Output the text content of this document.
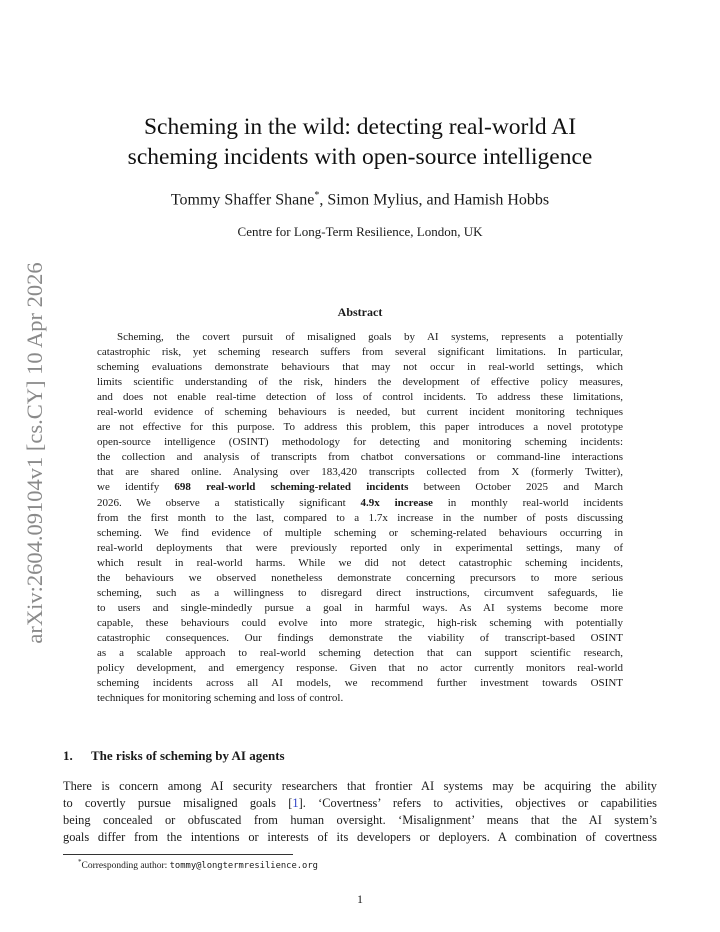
arXiv:2604.09104v1 [cs.CY] 10 Apr 2026
Scheming in the wild: detecting real-world AI
scheming incidents with open-source intelligence
Tommy Shaffer Shane*, Simon Mylius, and Hamish Hobbs
Centre for Long-Term Resilience, London, UK
Abstract
Scheming, the covert pursuit of misaligned goals by AI systems, represents a potentially
catastrophic risk, yet scheming research suffers from several significant limitations. In particular,
scheming evaluations demonstrate behaviours that may not occur in real-world settings, which
limits scientific understanding of the risk, hinders the development of effective policy measures,
and does not enable real-time detection of loss of control incidents. To address these limitations,
real-world evidence of scheming behaviours is needed, but current incident monitoring techniques
are not effective for this purpose. To address this problem, this paper introduces a novel prototype
open-source intelligence (OSINT) methodology for detecting and monitoring scheming incidents:
the collection and analysis of transcripts from chatbot conversations or command-line interactions
that are shared online. Analysing over 183,420 transcripts collected from X (formerly Twitter),
we identify 698 real-world scheming-related incidents between October 2025 and March
2026. We observe a statistically significant 4.9x increase in monthly real-world incidents
from the first month to the last, compared to a 1.7x increase in the number of posts discussing
scheming. We find evidence of multiple scheming or scheming-related behaviours occurring in
real-world deployments that were previously reported only in experimental settings, many of
which result in real-world harms. While we did not detect catastrophic scheming incidents,
the behaviours we observed nonetheless demonstrate concerning precursors to more serious
scheming, such as a willingness to disregard direct instructions, circumvent safeguards, lie
to users and single-mindedly pursue a goal in harmful ways. As AI systems become more
capable, these behaviours could evolve into more strategic, high-risk scheming with potentially
catastrophic consequences. Our findings demonstrate the viability of transcript-based OSINT
as a scalable approach to real-world scheming detection that can support scientific research,
policy development, and emergency response. Given that no actor currently monitors real-world
scheming incidents across all AI models, we recommend further investment towards OSINT
techniques for monitoring scheming and loss of control.
1. The risks of scheming by AI agents
There is concern among AI security researchers that frontier AI systems may be acquiring the ability
to covertly pursue misaligned goals [1]. ‘Covertness’ refers to activities, objectives or capabilities
being concealed or obfuscated from human oversight. ‘Misalignment’ means that the AI system’s
goals differ from the intentions or interests of its developers or deployers. A combination of covertness
*Corresponding author: tommy@longtermresilience.org
1
